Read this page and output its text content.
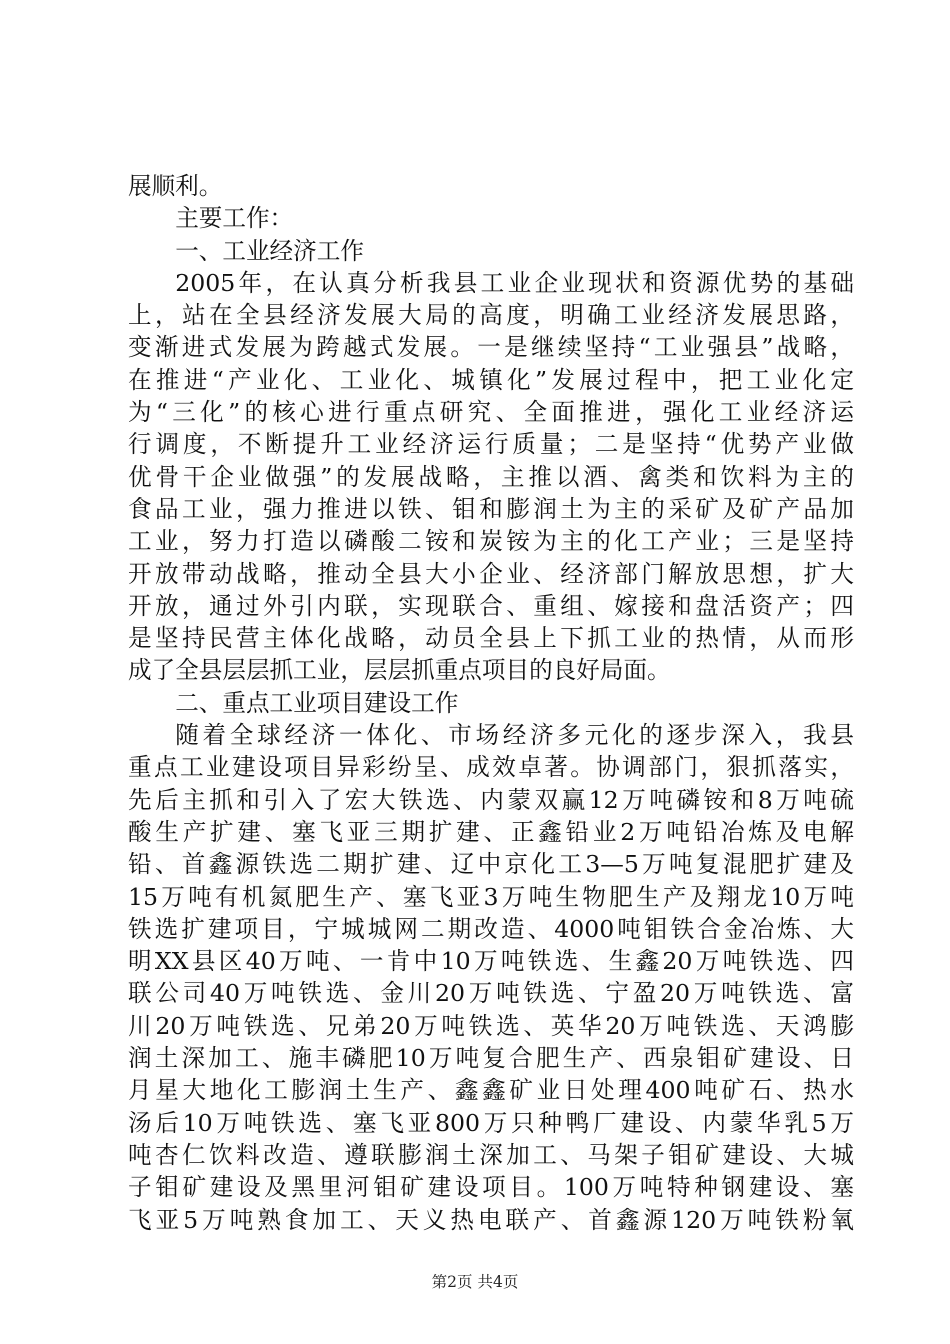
展顺利。
主要工作：
一、工业经济工作
2005年，在认真分析我县工业企业现状和资源优势的基础
上，站在全县经济发展大局的高度，明确工业经济发展思路，
变渐进式发展为跨越式发展。一是继续坚持“工业强县”战略，
在推进“产业化、工业化、城镇化”发展过程中，把工业化定
为“三化”的核心进行重点研究、全面推进，强化工业经济运
行调度，不断提升工业经济运行质量；二是坚持“优势产业做
优骨干企业做强”的发展战略，主推以酒、禽类和饮料为主的
食品工业，强力推进以铁、钼和膨润土为主的采矿及矿产品加
工业，努力打造以磷酸二铵和炭铵为主的化工产业；三是坚持
开放带动战略，推动全县大小企业、经济部门解放思想，扩大
开放，通过外引内联，实现联合、重组、嫁接和盘活资产；四
是坚持民营主体化战略，动员全县上下抓工业的热情，从而形
成了全县层层抓工业，层层抓重点项目的良好局面。
二、重点工业项目建设工作
随着全球经济一体化、市场经济多元化的逐步深入，我县
重点工业建设项目异彩纷呈、成效卓著。协调部门，狠抓落实，
先后主抓和引入了宏大铁选、内蒙双赢12万吨磷铵和8万吨硫
酸生产扩建、塞飞亚三期扩建、正鑫铅业2万吨铅冶炼及电解
铅、首鑫源铁选二期扩建、辽中京化工3—5万吨复混肥扩建及
15万吨有机氮肥生产、塞飞亚3万吨生物肥生产及翔龙10万吨
铁选扩建项目，宁城城网二期改造、4000吨钼铁合金冶炼、大
明XX县区40万吨、一肯中10万吨铁选、生鑫20万吨铁选、四
联公司40万吨铁选、金川20万吨铁选、宁盈20万吨铁选、富
川20万吨铁选、兄弟20万吨铁选、英华20万吨铁选、天鸿膨
润土深加工、施丰磷肥10万吨复合肥生产、西泉钼矿建设、日
月星大地化工膨润土生产、鑫鑫矿业日处理400吨矿石、热水
汤后10万吨铁选、塞飞亚800万只种鸭厂建设、内蒙华乳5万
吨杏仁饮料改造、遵联膨润土深加工、马架子钼矿建设、大城
子钼矿建设及黑里河钼矿建设项目。100万吨特种钢建设、塞
飞亚5万吨熟食加工、天义热电联产、首鑫源120万吨铁粉氧
第2页 共4页
